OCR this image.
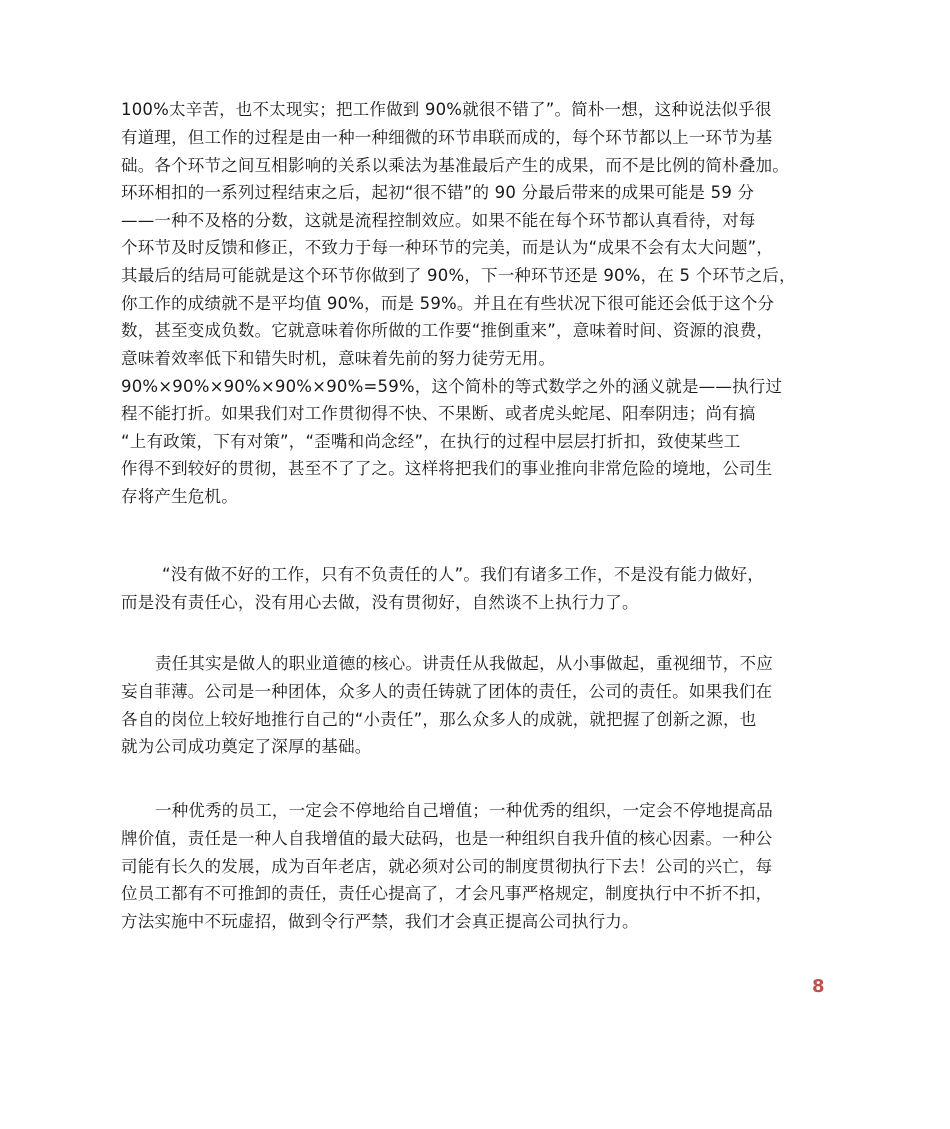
100%太辛苦，也不太现实；把工作做到 90%就很不错了”。简朴一想，这种说法似乎很
有道理，但工作的过程是由一种一种细微的环节串联而成的，每个环节都以上一环节为基
础。各个环节之间互相影响的关系以乘法为基准最后产生的成果，而不是比例的简朴叠加。
环环相扣的一系列过程结束之后，起初“很不错”的 90 分最后带来的成果可能是 59 分
——一种不及格的分数，这就是流程控制效应。如果不能在每个环节都认真看待，对每
个环节及时反馈和修正，不致力于每一种环节的完美，而是认为“成果不会有太大问题”，
其最后的结局可能就是这个环节你做到了 90%，下一种环节还是 90%，在 5 个环节之后，
你工作的成绩就不是平均值 90%，而是 59%。并且在有些状况下很可能还会低于这个分
数，甚至变成负数。它就意味着你所做的工作要“推倒重来”，意味着时间、资源的浪费，
意味着效率低下和错失时机，意味着先前的努力徒劳无用。
90%×90%×90%×90%×90%=59%，这个简朴的等式数学之外的涵义就是——执行过
程不能打折。如果我们对工作贯彻得不快、不果断、或者虎头蛇尾、阳奉阴违；尚有搞
“上有政策，下有对策”，“歪嘴和尚念经”，在执行的过程中层层打折扣，致使某些工
作得不到较好的贯彻，甚至不了了之。这样将把我们的事业推向非常危险的境地，公司生
存将产生危机。
“没有做不好的工作，只有不负责任的人”。我们有诸多工作，不是没有能力做好，
而是没有责任心，没有用心去做，没有贯彻好，自然谈不上执行力了。
责任其实是做人的职业道德的核心。讲责任从我做起，从小事做起，重视细节，不应
妄自菲薄。公司是一种团体，众多人的责任铸就了团体的责任，公司的责任。如果我们在
各自的岗位上较好地推行自己的“小责任”，那么众多人的成就，就把握了创新之源，也
就为公司成功奠定了深厚的基础。
一种优秀的员工，一定会不停地给自己增值；一种优秀的组织，一定会不停地提高品
牌价值，责任是一种人自我增值的最大砝码，也是一种组织自我升值的核心因素。一种公
司能有长久的发展，成为百年老店，就必须对公司的制度贯彻执行下去！公司的兴亡，每
位员工都有不可推卸的责任，责任心提高了，才会凡事严格规定，制度执行中不折不扣，
方法实施中不玩虚招，做到令行严禁，我们才会真正提高公司执行力。
8
